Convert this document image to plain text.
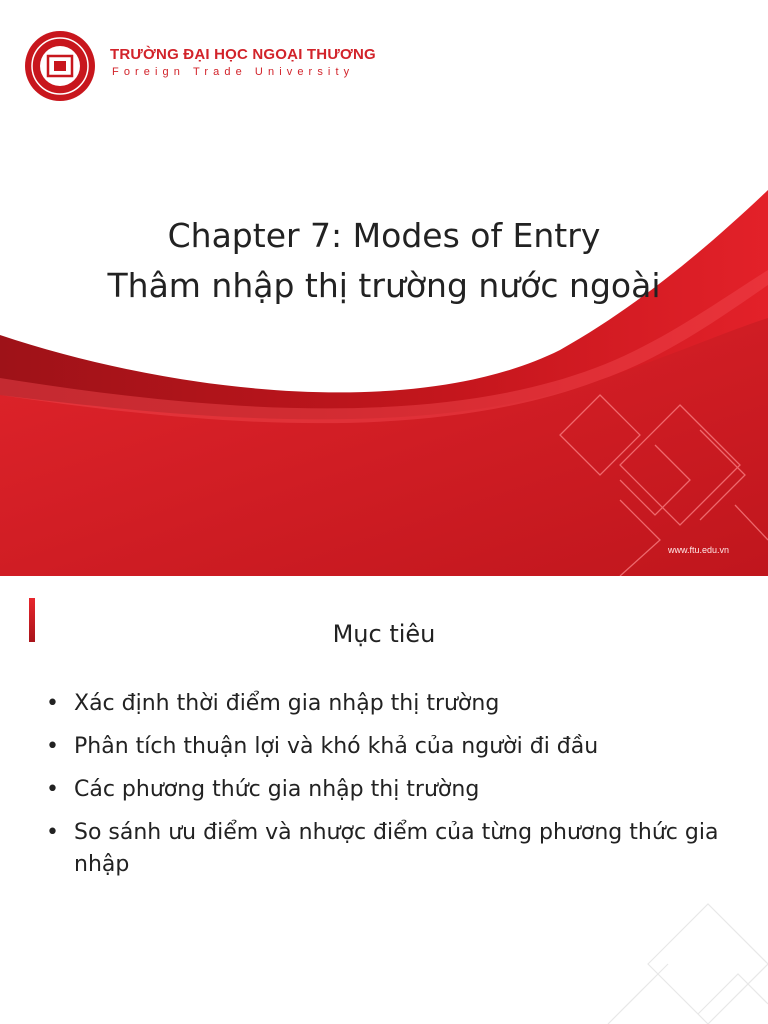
TRƯỜNG ĐẠI HỌC NGOẠI THƯƠNG
Foreign Trade University
Chapter 7: Modes of Entry
Thâm nhập thị trường nước ngoài
www.ftu.edu.vn
Mục tiêu
• Xác định thời điểm gia nhập thị trường
• Phân tích thuận lợi và khó khả của người đi đầu
• Các phương thức gia nhập thị trường
• So sánh ưu điểm và nhược điểm của từng phương thức gia nhập
